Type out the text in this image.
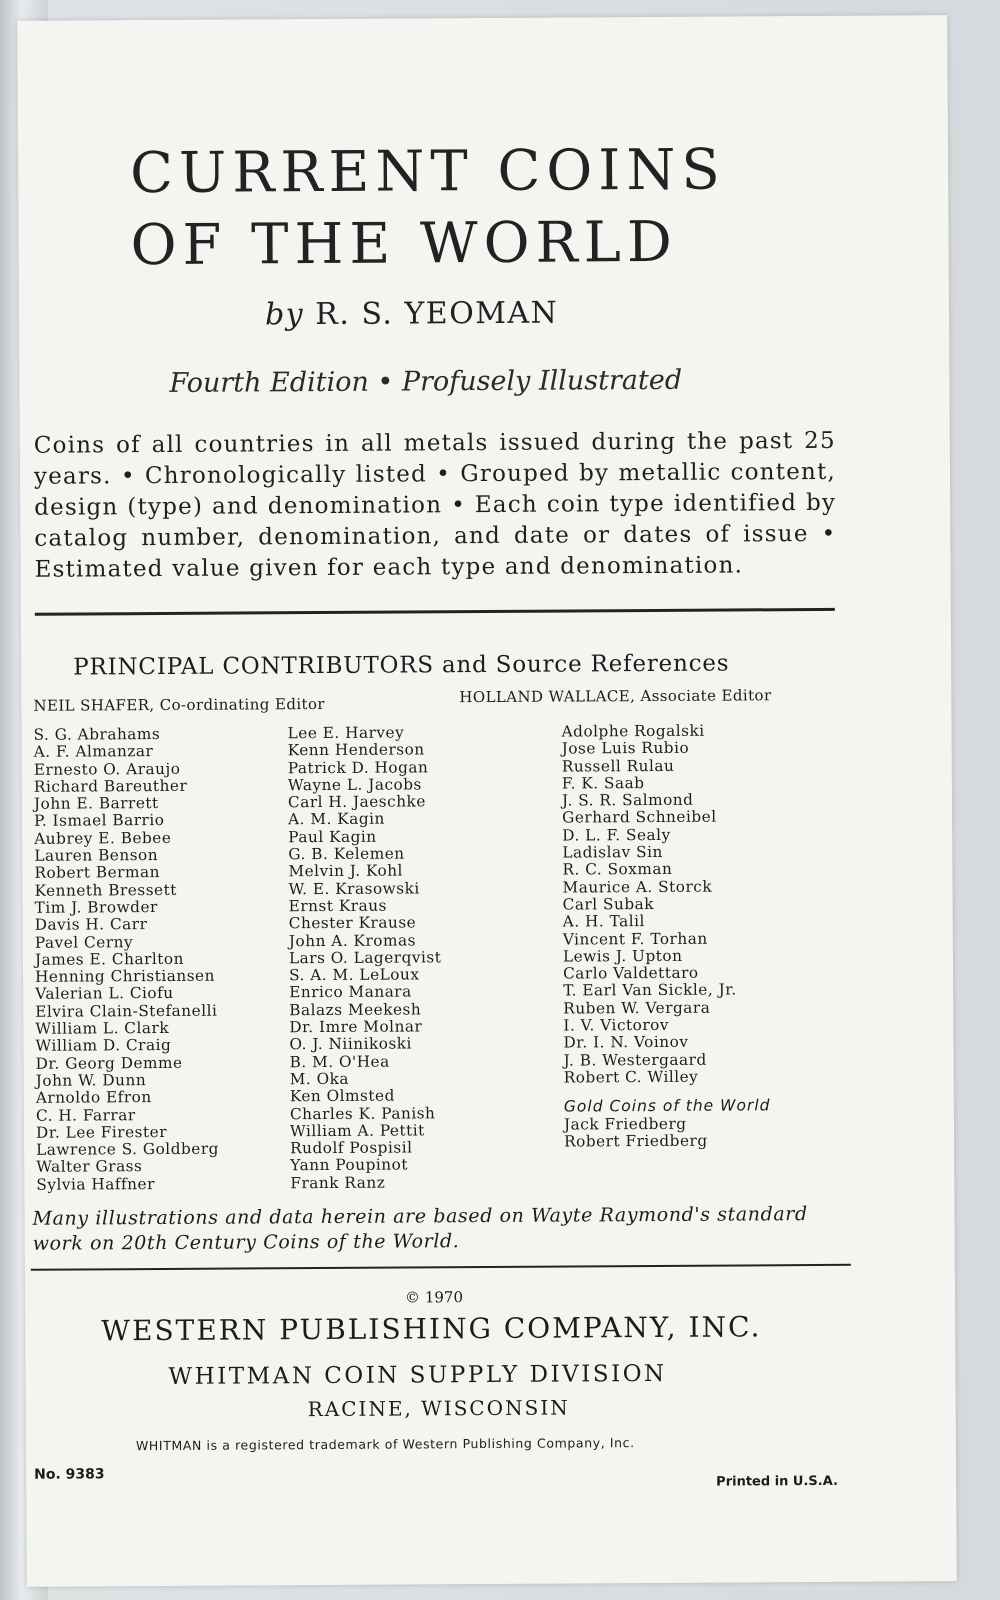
CURRENT COINS
OF THE WORLD
by R. S. YEOMAN
Fourth Edition • Profusely Illustrated
Coins of all countries in all metals issued during the past 25 years. • Chronologically listed • Grouped by metallic content, design (type) and denomination • Each coin type identified by catalog number, denomination, and date or dates of issue • Estimated value given for each type and denomination.
PRINCIPAL CONTRIBUTORS and Source References
NEIL SHAFER, Co-ordinating Editor	HOLLAND WALLACE, Associate Editor
S. G. Abrahams
A. F. Almanzar
Ernesto O. Araujo
Richard Bareuther
John E. Barrett
P. Ismael Barrio
Aubrey E. Bebee
Lauren Benson
Robert Berman
Kenneth Bressett
Tim J. Browder
Davis H. Carr
Pavel Cerny
James E. Charlton
Henning Christiansen
Valerian L. Ciofu
Elvira Clain-Stefanelli
William L. Clark
William D. Craig
Dr. Georg Demme
John W. Dunn
Arnoldo Efron
C. H. Farrar
Dr. Lee Firester
Lawrence S. Goldberg
Walter Grass
Sylvia Haffner
Lee E. Harvey
Kenn Henderson
Patrick D. Hogan
Wayne L. Jacobs
Carl H. Jaeschke
A. M. Kagin
Paul Kagin
G. B. Kelemen
Melvin J. Kohl
W. E. Krasowski
Ernst Kraus
Chester Krause
John A. Kromas
Lars O. Lagerqvist
S. A. M. LeLoux
Enrico Manara
Balazs Meekesh
Dr. Imre Molnar
O. J. Niinikoski
B. M. O'Hea
M. Oka
Ken Olmsted
Charles K. Panish
William A. Pettit
Rudolf Pospisil
Yann Poupinot
Frank Ranz
Adolphe Rogalski
Jose Luis Rubio
Russell Rulau
F. K. Saab
J. S. R. Salmond
Gerhard Schneibel
D. L. F. Sealy
Ladislav Sin
R. C. Soxman
Maurice A. Storck
Carl Subak
A. H. Talil
Vincent F. Torhan
Lewis J. Upton
Carlo Valdettaro
T. Earl Van Sickle, Jr.
Ruben W. Vergara
I. V. Victorov
Dr. I. N. Voinov
J. B. Westergaard
Robert C. Willey
Gold Coins of the World
Jack Friedberg
Robert Friedberg
Many illustrations and data herein are based on Wayte Raymond's standard work on 20th Century Coins of the World.
© 1970
WESTERN PUBLISHING COMPANY, INC.
WHITMAN COIN SUPPLY DIVISION
RACINE, WISCONSIN
WHITMAN is a registered trademark of Western Publishing Company, Inc.
No. 9383	Printed in U.S.A.
